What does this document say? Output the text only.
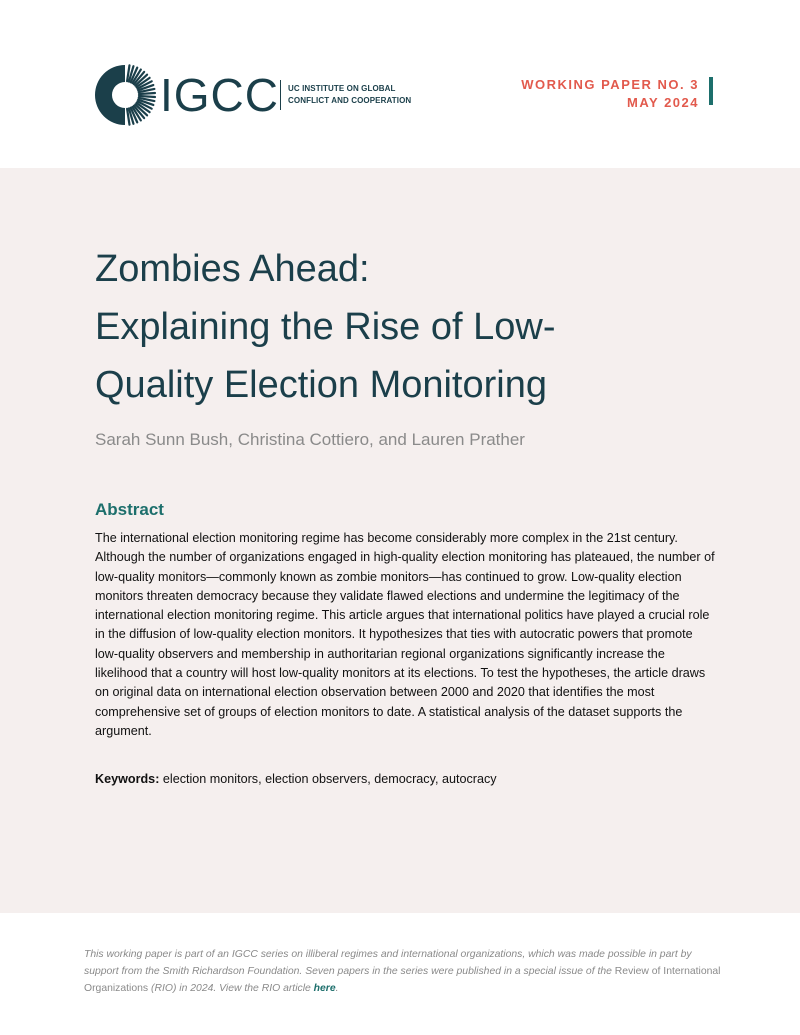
IGCC UC INSTITUTE ON GLOBAL
CONFLICT AND COOPERATION
WORKING PAPER NO. 3
MAY 2024
Zombies Ahead:
Explaining the Rise of Low-
Quality Election Monitoring
Sarah Sunn Bush, Christina Cottiero, and Lauren Prather
Abstract
The international election monitoring regime has become considerably more complex in the 21st century. Although the number of organizations engaged in high-quality election monitoring has plateaued, the number of low-quality monitors—commonly known as zombie monitors—has continued to grow. Low-quality election monitors threaten democracy because they validate flawed elections and undermine the legitimacy of the international election monitoring regime. This article argues that international politics have played a crucial role in the diffusion of low-quality election monitors. It hypothesizes that ties with autocratic powers that promote low-quality observers and membership in authoritarian regional organizations significantly increase the likelihood that a country will host low-quality monitors at its elections. To test the hypotheses, the article draws on original data on international election observation between 2000 and 2020 that identifies the most comprehensive set of groups of election monitors to date. A statistical analysis of the dataset supports the argument.
Keywords: election monitors, election observers, democracy, autocracy
This working paper is part of an IGCC series on illiberal regimes and international organizations, which was made possible in part by support from the Smith Richardson Foundation. Seven papers in the series were published in a special issue of the Review of International Organizations (RIO) in 2024. View the RIO article here.
